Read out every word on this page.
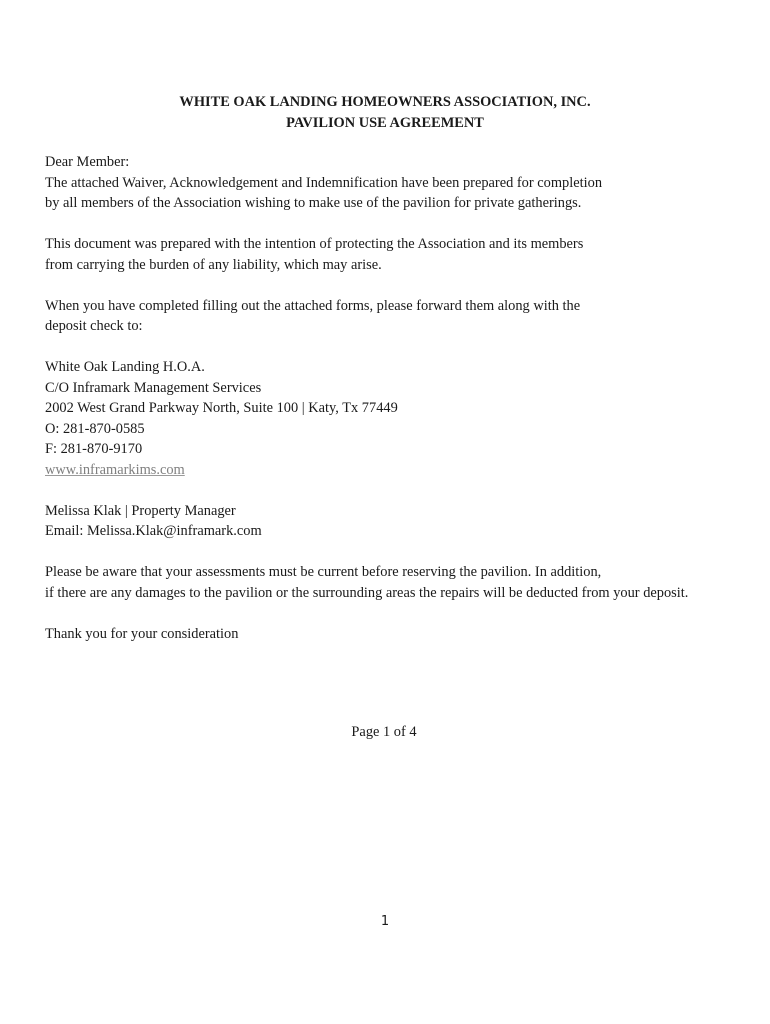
WHITE OAK LANDING HOMEOWNERS ASSOCIATION, INC.
PAVILION USE AGREEMENT
Dear Member:
The attached Waiver, Acknowledgement and Indemnification have been prepared for completion
by all members of the Association wishing to make use of the pavilion for private gatherings.
This document was prepared with the intention of protecting the Association and its members
from carrying the burden of any liability, which may arise.
When you have completed filling out the attached forms, please forward them along with the
deposit check to:
White Oak Landing H.O.A.
C/O Inframark Management Services
2002 West Grand Parkway North, Suite 100 | Katy, Tx 77449
O: 281-870-0585
F: 281-870-9170
www.inframarkims.com
Melissa Klak | Property Manager
Email: Melissa.Klak@inframark.com
Please be aware that your assessments must be current before reserving the pavilion. In addition,
if there are any damages to the pavilion or the surrounding areas the repairs will be deducted from your deposit.
Thank you for your consideration
Page 1 of 4
1
